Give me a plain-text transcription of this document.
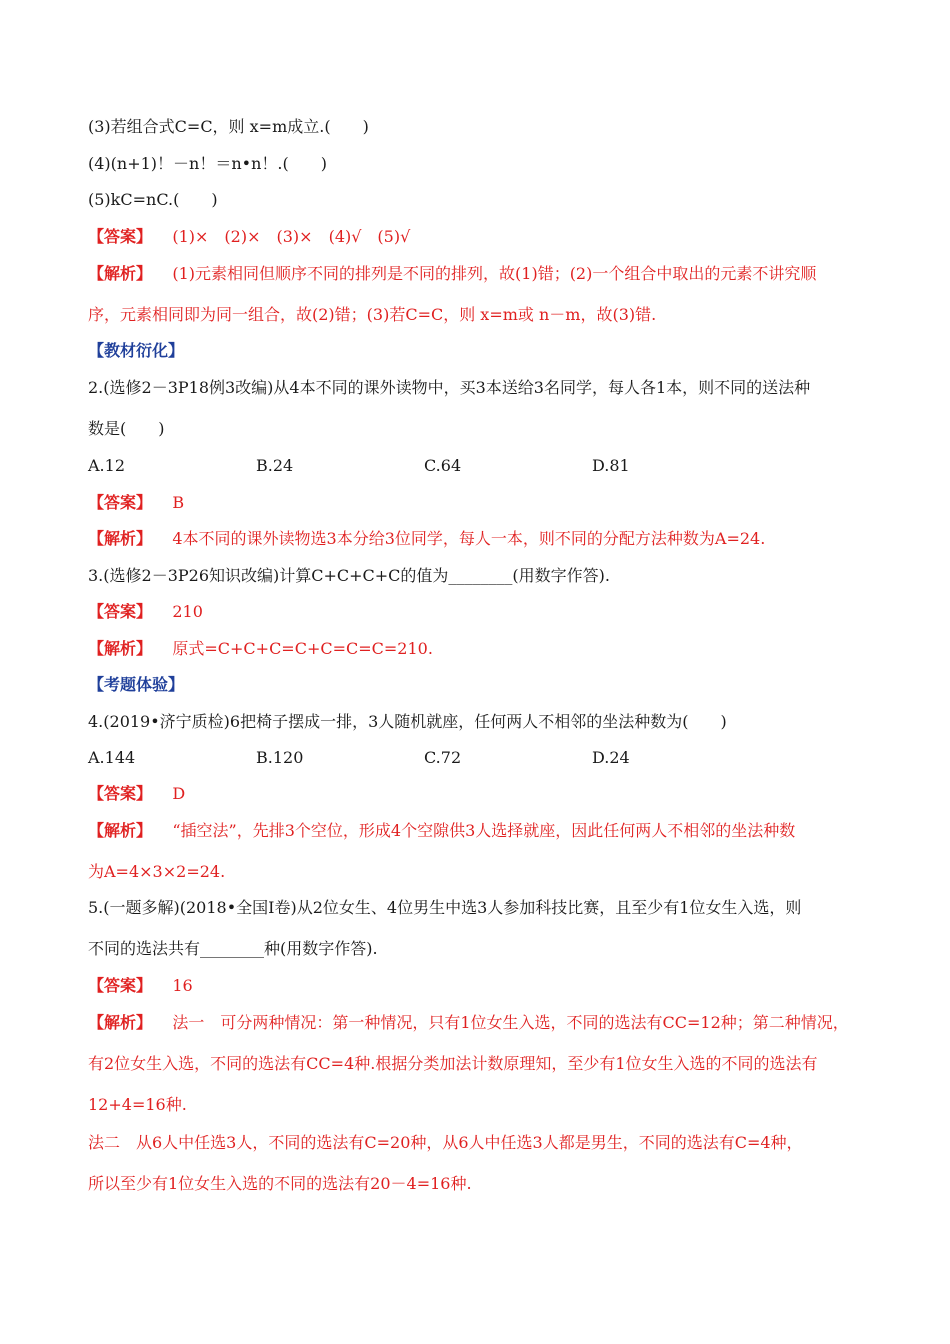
(3)若组合式C=C，则 x=m成立.(　　)
(4)(n+1)！－n！＝n•n！.(　　)
(5)kC=nC.(　　)
【答案】 (1)×　(2)×　(3)×　(4)√　(5)√
【解析】 (1)元素相同但顺序不同的排列是不同的排列，故(1)错；(2)一个组合中取出的元素不讲究顺
序，元素相同即为同一组合，故(2)错；(3)若C=C，则 x=m或 n－m，故(3)错.
【教材衍化】
2.(选修2－3P18例3改编)从4本不同的课外读物中，买3本送给3名同学，每人各1本，则不同的送法种
数是(　　)
A.12	B.24	C.64	D.81
【答案】 B
【解析】 4本不同的课外读物选3本分给3位同学，每人一本，则不同的分配方法种数为A=24.
3.(选修2－3P26知识改编)计算C+C+C+C的值为________(用数字作答).
【答案】 210
【解析】 原式=C+C+C=C+C=C=C=210.
【考题体验】
4.(2019•济宁质检)6把椅子摆成一排，3人随机就座，任何两人不相邻的坐法种数为(　　)
A.144	B.120	C.72	D.24
【答案】 D
【解析】 “插空法”，先排3个空位，形成4个空隙供3人选择就座，因此任何两人不相邻的坐法种数
为A=4×3×2=24.
5.(一题多解)(2018•全国Ⅰ卷)从2位女生、4位男生中选3人参加科技比赛，且至少有1位女生入选，则
不同的选法共有________种(用数字作答).
【答案】 16
【解析】 法一　可分两种情况：第一种情况，只有1位女生入选，不同的选法有CC=12种；第二种情况，
有2位女生入选，不同的选法有CC=4种.根据分类加法计数原理知，至少有1位女生入选的不同的选法有
12+4=16种.
法二　从6人中任选3人，不同的选法有C=20种，从6人中任选3人都是男生，不同的选法有C=4种，
所以至少有1位女生入选的不同的选法有20－4=16种.
